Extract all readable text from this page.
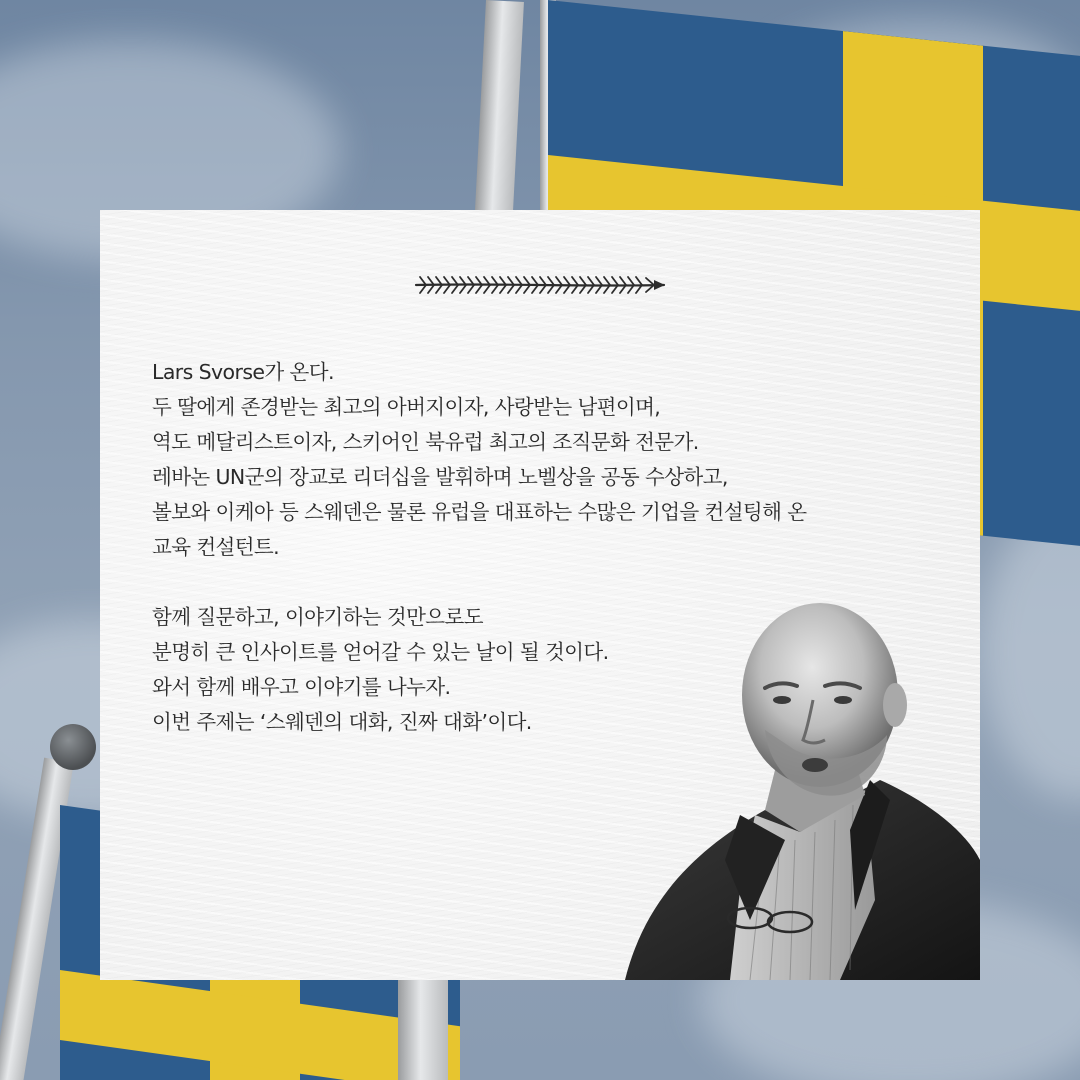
Lars Svorse가 온다.

두 딸에게 존경받는 최고의 아버지이자, 사랑받는 남편이며,

역도 메달리스트이자, 스키어인 북유럽 최고의 조직문화 전문가.

레바논 UN군의 장교로 리더십을 발휘하며 노벨상을 공동 수상하고,

볼보와 이케아 등 스웨덴은 물론 유럽을 대표하는 수많은 기업을 컨설팅해 온

교육 컨설턴트.

함께 질문하고, 이야기하는 것만으로도

분명히 큰 인사이트를 얻어갈 수 있는 날이 될 것이다.

와서 함께 배우고 이야기를 나누자.

이번 주제는 ‘스웨덴의 대화, 진짜 대화’이다.
